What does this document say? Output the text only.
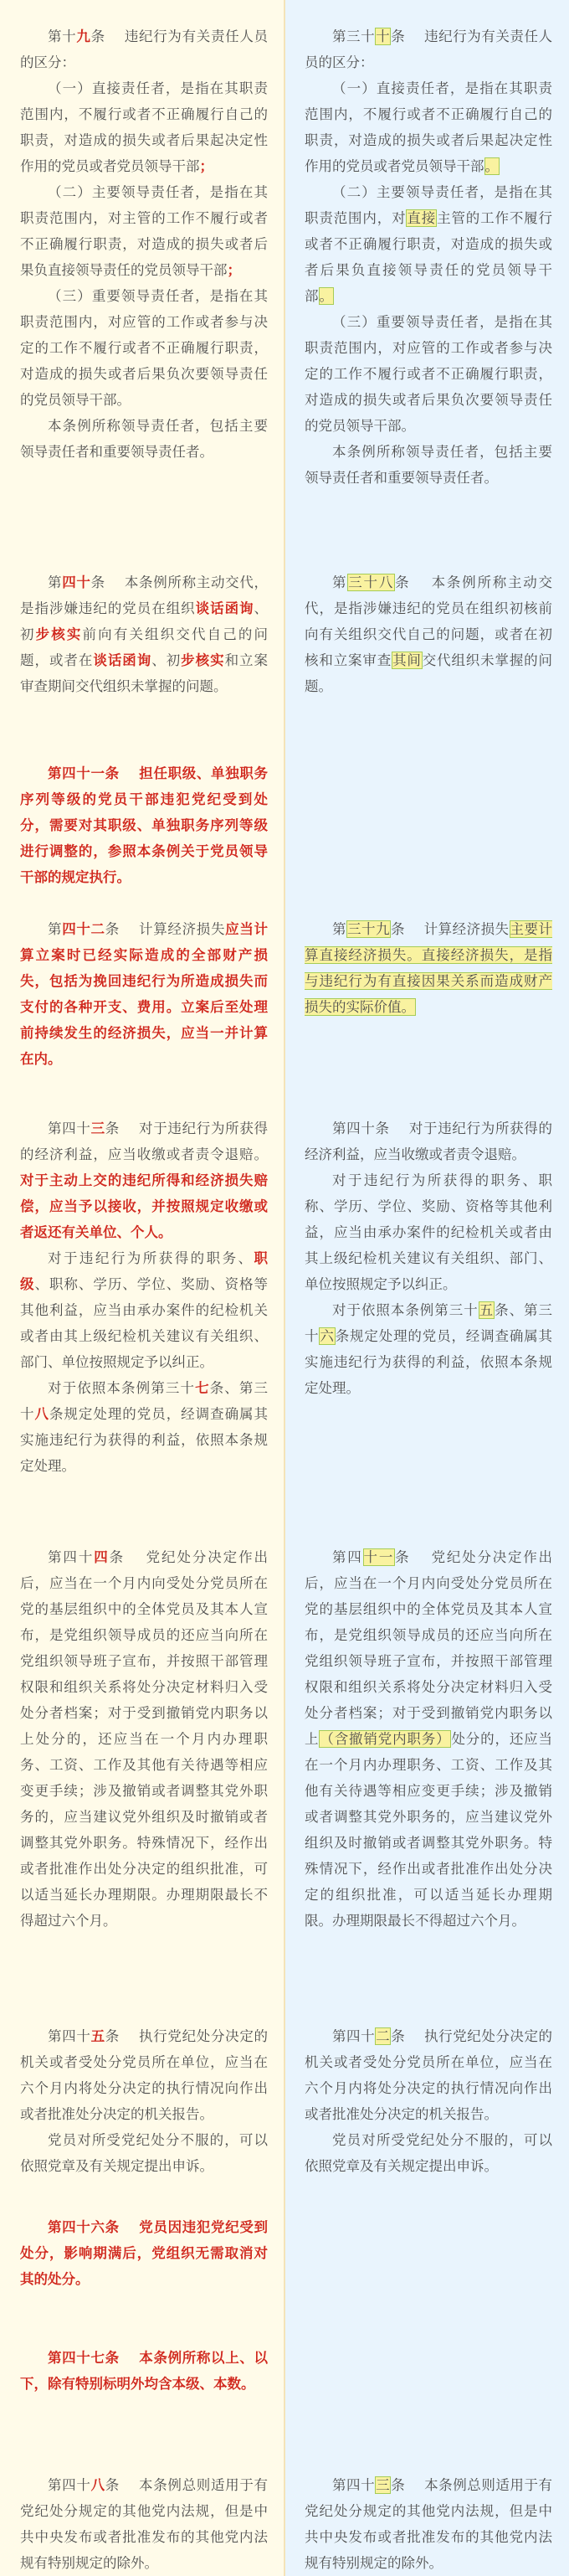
第十九条　 违纪行为有关责任人员的区分：

（一）直接责任者，是指在其职责范围内，不履行或者不正确履行自己的职责，对造成的损失或者后果起决定性作用的党员或者党员领导干部；

（二）主要领导责任者，是指在其职责范围内，对主管的工作不履行或者不正确履行职责，对造成的损失或者后果负直接领导责任的党员领导干部；

（三）重要领导责任者，是指在其职责范围内，对应管的工作或者参与决定的工作不履行或者不正确履行职责，对造成的损失或者后果负次要领导责任的党员领导干部。

本条例所称领导责任者，包括主要领导责任者和重要领导责任者。

第四十条　 本条例所称主动交代，是指涉嫌违纪的党员在组织谈话函询、初步核实前向有关组织交代自己的问题，或者在谈话函询、初步核实和立案审查期间交代组织未掌握的问题。

第四十一条　 担任职级、单独职务序列等级的党员干部违犯党纪受到处分，需要对其职级、单独职务序列等级进行调整的，参照本条例关于党员领导干部的规定执行。

第四十二条　 计算经济损失应当计算立案时已经实际造成的全部财产损失，包括为挽回违纪行为所造成损失而支付的各种开支、费用。立案后至处理前持续发生的经济损失，应当一并计算在内。

第四十三条　 对于违纪行为所获得的经济利益，应当收缴或者责令退赔。对于主动上交的违纪所得和经济损失赔偿，应当予以接收，并按照规定收缴或者返还有关单位、个人。

对于违纪行为所获得的职务、职级、职称、学历、学位、奖励、资格等其他利益，应当由承办案件的纪检机关或者由其上级纪检机关建议有关组织、部门、单位按照规定予以纠正。

对于依照本条例第三十七条、第三十八条规定处理的党员，经调查确属其实施违纪行为获得的利益，依照本条规定处理。

第四十四条　 党纪处分决定作出后，应当在一个月内向受处分党员所在党的基层组织中的全体党员及其本人宣布，是党组织领导成员的还应当向所在党组织领导班子宣布，并按照干部管理权限和组织关系将处分决定材料归入受处分者档案；对于受到撤销党内职务以上处分的，还应当在一个月内办理职务、工资、工作及其他有关待遇等相应变更手续；涉及撤销或者调整其党外职务的，应当建议党外组织及时撤销或者调整其党外职务。特殊情况下，经作出或者批准作出处分决定的组织批准，可以适当延长办理期限。办理期限最长不得超过六个月。

第四十五条　 执行党纪处分决定的机关或者受处分党员所在单位，应当在六个月内将处分决定的执行情况向作出或者批准处分决定的机关报告。

党员对所受党纪处分不服的，可以依照党章及有关规定提出申诉。

第四十六条　 党员因违犯党纪受到处分，影响期满后，党组织无需取消对其的处分。

第四十七条　 本条例所称以上、以下，除有特别标明外均含本级、本数。

第四十八条　 本条例总则适用于有党纪处分规定的其他党内法规，但是中共中央发布或者批准发布的其他党内法规有特别规定的除外。

第三十十条　 违纪行为有关责任人员的区分：

（一）直接责任者，是指在其职责范围内，不履行或者不正确履行自己的职责，对造成的损失或者后果起决定性作用的党员或者党员领导干部。

（二）主要领导责任者，是指在其职责范围内，对直接主管的工作不履行或者不正确履行职责，对造成的损失或者后果负直接领导责任的党员领导干部。

（三）重要领导责任者，是指在其职责范围内，对应管的工作或者参与决定的工作不履行或者不正确履行职责，对造成的损失或者后果负次要领导责任的党员领导干部。

本条例所称领导责任者，包括主要领导责任者和重要领导责任者。

第三十八条　 本条例所称主动交代，是指涉嫌违纪的党员在组织初核前向有关组织交代自己的问题，或者在初核和立案审查其间交代组织未掌握的问题。

第三十九条　 计算经济损失主要计算直接经济损失。直接经济损失，是指与违纪行为有直接因果关系而造成财产损失的实际价值。

第四十条　 对于违纪行为所获得的经济利益，应当收缴或者责令退赔。

对于违纪行为所获得的职务、职称、学历、学位、奖励、资格等其他利益，应当由承办案件的纪检机关或者由其上级纪检机关建议有关组织、部门、单位按照规定予以纠正。

对于依照本条例第三十五条、第三十六条规定处理的党员，经调查确属其实施违纪行为获得的利益，依照本条规定处理。

第四十一条　 党纪处分决定作出后，应当在一个月内向受处分党员所在党的基层组织中的全体党员及其本人宣布，是党组织领导成员的还应当向所在党组织领导班子宣布，并按照干部管理权限和组织关系将处分决定材料归入受处分者档案；对于受到撤销党内职务以上（含撤销党内职务）处分的，还应当在一个月内办理职务、工资、工作及其他有关待遇等相应变更手续；涉及撤销或者调整其党外职务的，应当建议党外组织及时撤销或者调整其党外职务。特殊情况下，经作出或者批准作出处分决定的组织批准，可以适当延长办理期限。办理期限最长不得超过六个月。

第四十二条　 执行党纪处分决定的机关或者受处分党员所在单位，应当在六个月内将处分决定的执行情况向作出或者批准处分决定的机关报告。

党员对所受党纪处分不服的，可以依照党章及有关规定提出申诉。

第四十三条　 本条例总则适用于有党纪处分规定的其他党内法规，但是中共中央发布或者批准发布的其他党内法规有特别规定的除外。
